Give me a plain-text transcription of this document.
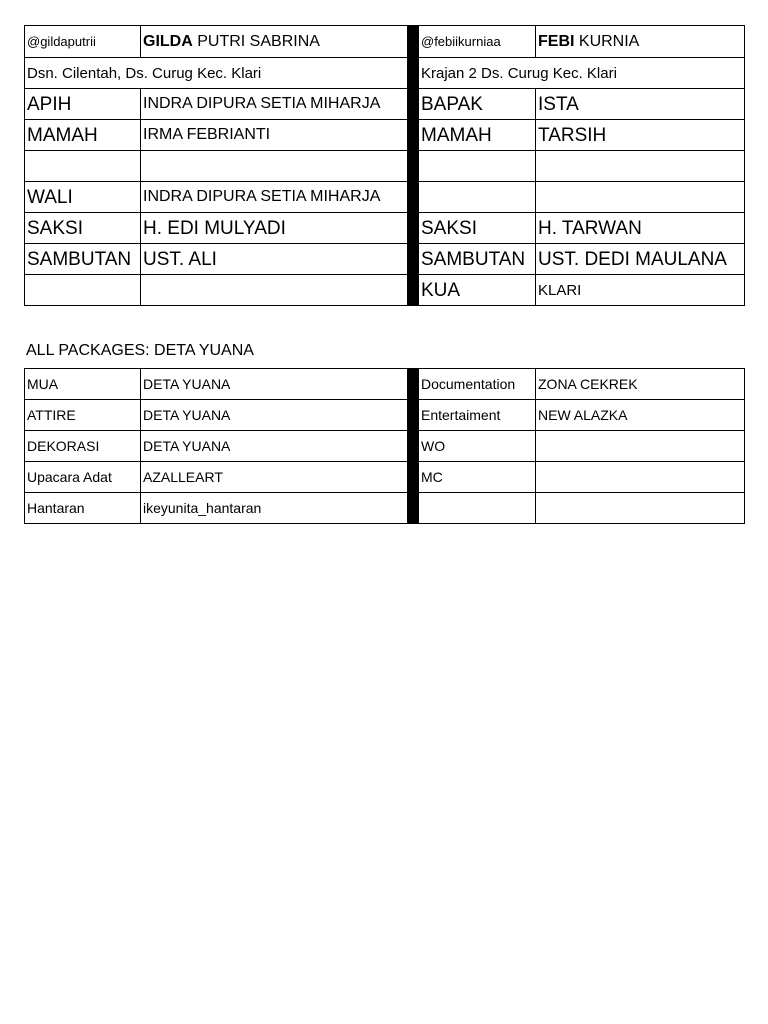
@gildaputrii	GILDA PUTRI SABRINA		@febiikurniaa	FEBI KURNIA
Dsn. Cilentah, Ds. Curug Kec. Klari			Krajan 2 Ds. Curug Kec. Klari	
APIH	INDRA DIPURA SETIA MIHARJA		BAPAK	ISTA
MAMAH	IRMA FEBRIANTI		MAMAH	TARSIH

WALI	INDRA DIPURA SETIA MIHARJA			
SAKSI	H. EDI MULYADI		SAKSI	H. TARWAN
SAMBUTAN	UST. ALI		SAMBUTAN	UST. DEDI MAULANA
			KUA	KLARI
ALL PACKAGES: DETA YUANA
MUA	DETA YUANA		Documentation	ZONA CEKREK
ATTIRE	DETA YUANA		Entertaiment	NEW ALAZKA
DEKORASI	DETA YUANA		WO	
Upacara Adat	AZALLEART		MC	
Hantaran	ikeyunita_hantaran			
